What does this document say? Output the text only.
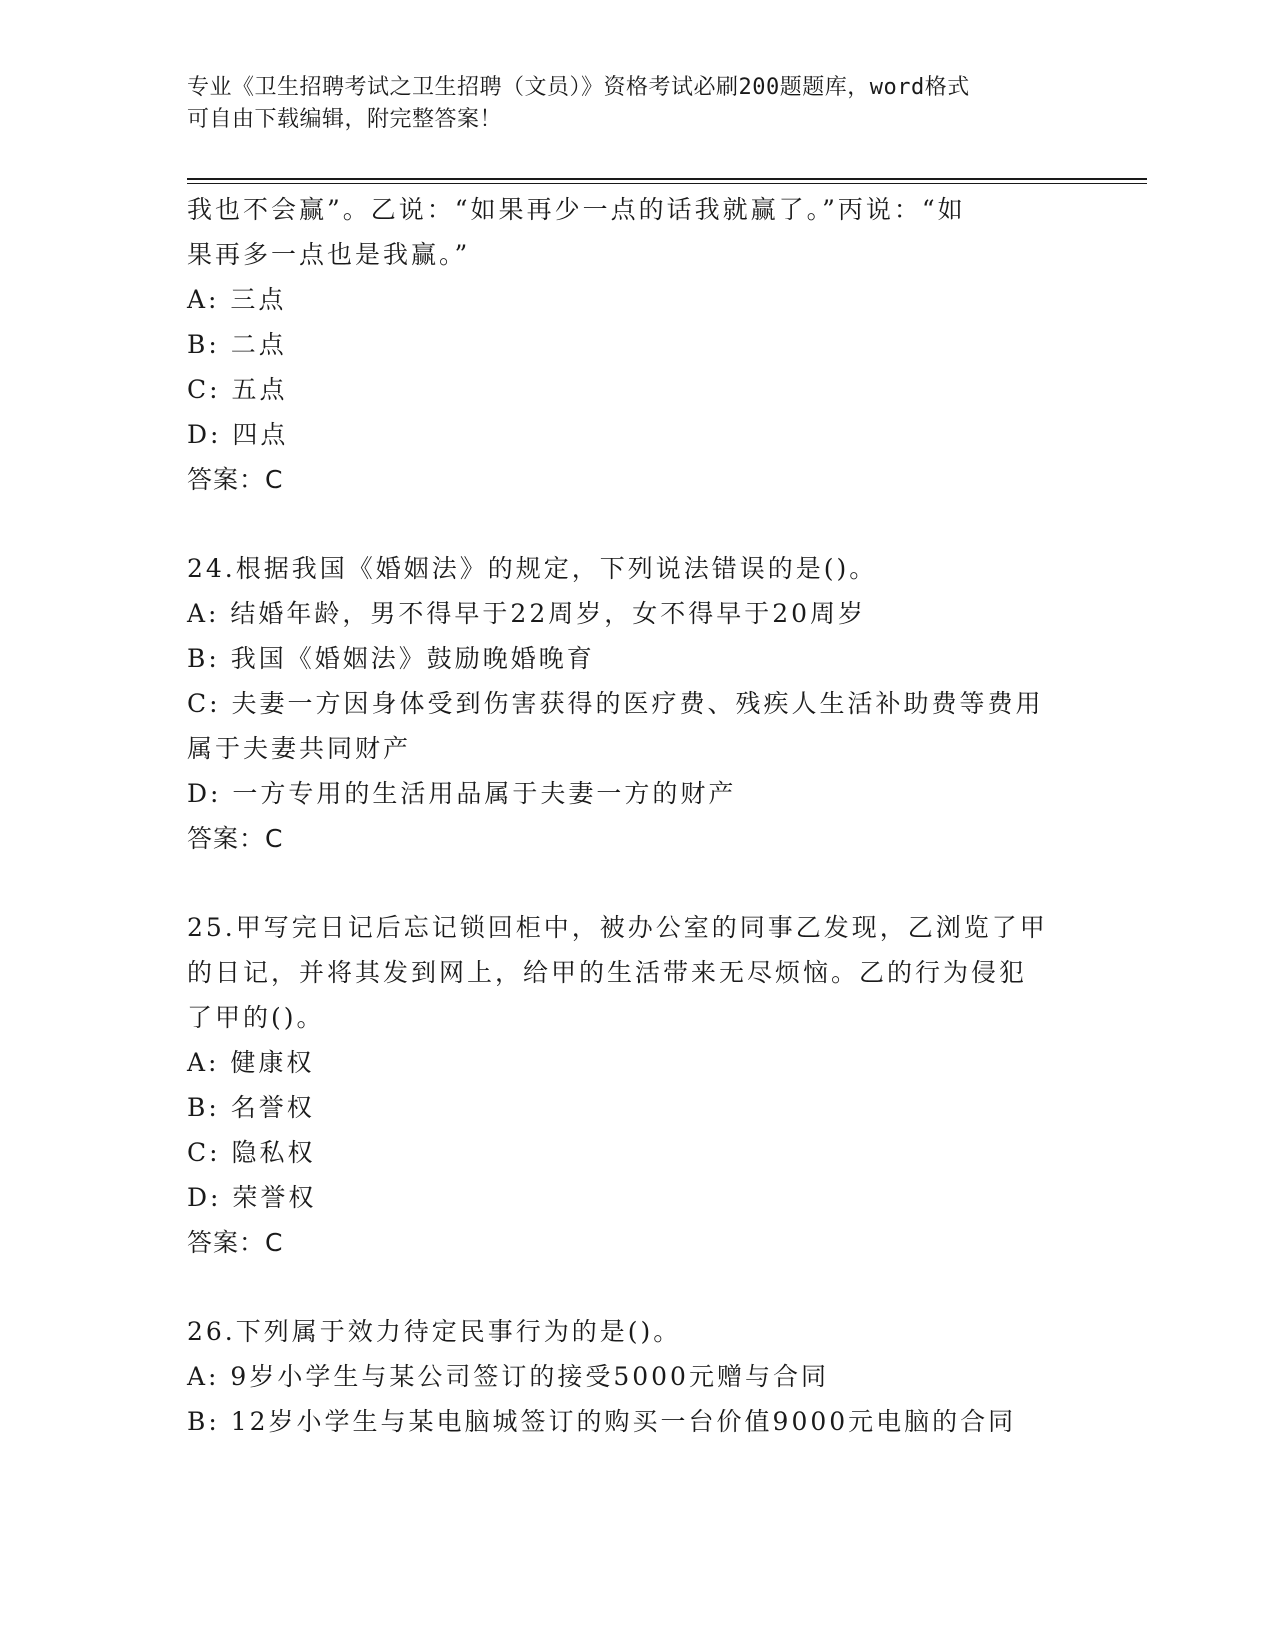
专业《卫生招聘考试之卫生招聘（文员）》资格考试必刷200题题库，word格式
可自由下载编辑，附完整答案！

我也不会赢”。乙说：“如果再少一点的话我就赢了。”丙说：“如

果再多一点也是我赢。”

A: 三点

B: 二点

C: 五点

D: 四点

答案：C

24.根据我国《婚姻法》的规定，下列说法错误的是()。

A: 结婚年龄，男不得早于22周岁，女不得早于20周岁

B: 我国《婚姻法》鼓励晚婚晚育

C: 夫妻一方因身体受到伤害获得的医疗费、残疾人生活补助费等费用

属于夫妻共同财产

D: 一方专用的生活用品属于夫妻一方的财产

答案：C

25.甲写完日记后忘记锁回柜中，被办公室的同事乙发现，乙浏览了甲

的日记，并将其发到网上，给甲的生活带来无尽烦恼。乙的行为侵犯

了甲的()。

A: 健康权

B: 名誉权

C: 隐私权

D: 荣誉权

答案：C

26.下列属于效力待定民事行为的是()。

A: 9岁小学生与某公司签订的接受5000元赠与合同

B: 12岁小学生与某电脑城签订的购买一台价值9000元电脑的合同
